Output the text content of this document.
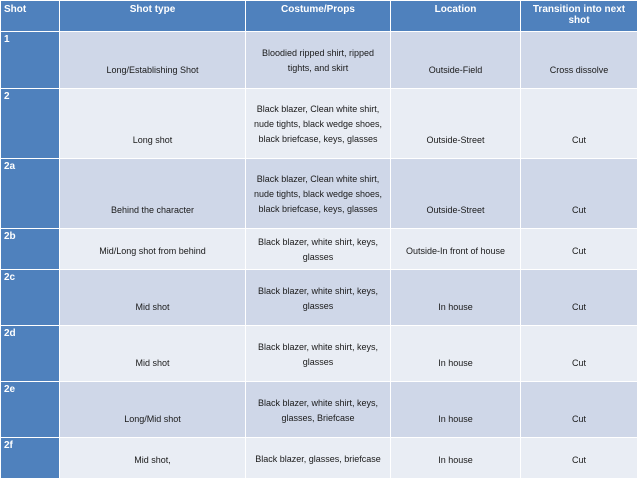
Shot	Shot type	Costume/Props	Location	Transition into next shot
1	Long/Establishing Shot	Bloodied ripped shirt, ripped tights, and skirt	Outside-Field	Cross dissolve
2	Long shot	Black blazer, Clean white shirt, nude tights, black wedge shoes, black briefcase, keys, glasses	Outside-Street	Cut
2a	Behind the character	Black blazer, Clean white shirt, nude tights, black wedge shoes, black briefcase, keys, glasses	Outside-Street	Cut
2b	Mid/Long shot from behind	Black blazer, white shirt, keys, glasses	Outside-In front of house	Cut
2c	Mid shot	Black blazer, white shirt, keys, glasses	In house	Cut
2d	Mid shot	Black blazer, white shirt, keys, glasses	In house	Cut
2e	Long/Mid shot	Black blazer, white shirt, keys, glasses, Briefcase	In house	Cut
2f	Mid shot,	Black blazer, glasses, briefcase	In house	Cut
